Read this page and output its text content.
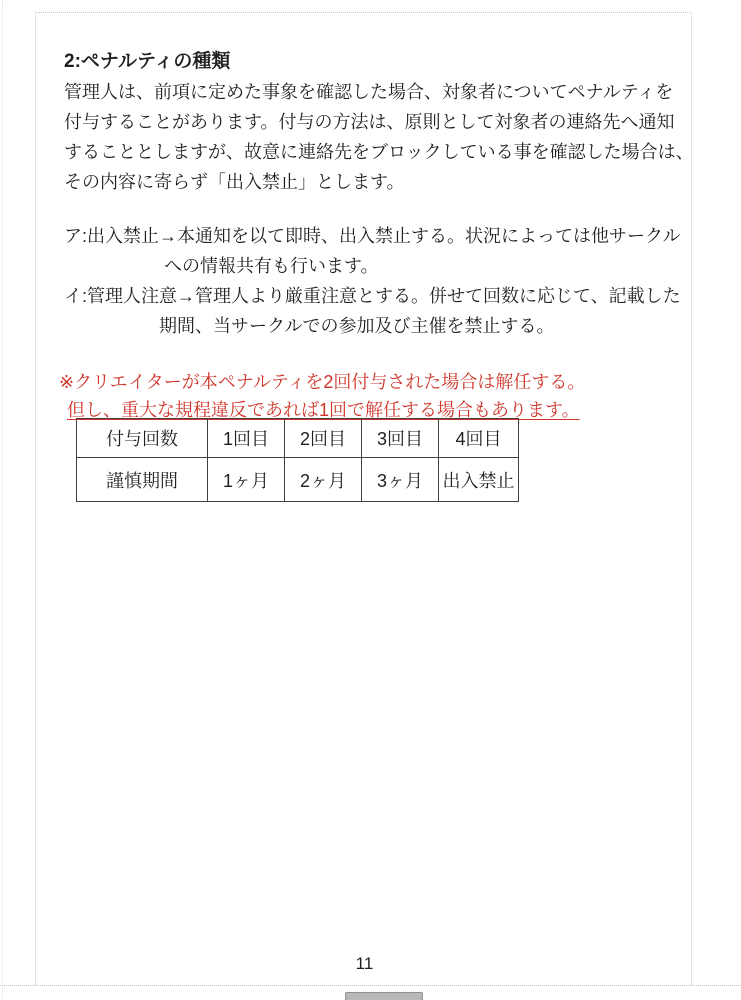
2:ペナルティの種類
管理人は、前項に定めた事象を確認した場合、対象者についてペナルティを
付与することがあります。付与の方法は、原則として対象者の連絡先へ通知
することとしますが、故意に連絡先をブロックしている事を確認した場合は、
その内容に寄らず「出入禁止」とします。
ア:出入禁止→本通知を以て即時、出入禁止する。状況によっては他サークル
への情報共有も行います。
イ:管理人注意→管理人より厳重注意とする。併せて回数に応じて、記載した
期間、当サークルでの参加及び主催を禁止する。
※クリエイターが本ペナルティを2回付与された場合は解任する。
但し、重大な規程違反であれば1回で解任する場合もあります。
付与回数	1回目	2回目	3回目	4回目
謹慎期間	1ヶ月	2ヶ月	3ヶ月	出入禁止
11
